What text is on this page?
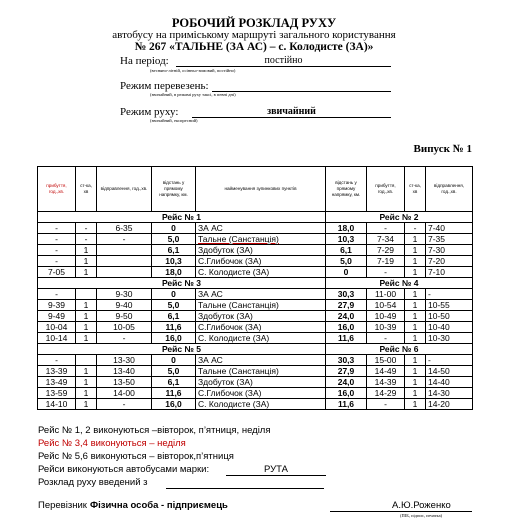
РОБОЧИЙ РОЗКЛАД РУХУ
автобусу на приміському маршруті загального користування
№ 267 «ТАЛЬНЕ (ЗА АС) – с. Колодисте (ЗА)»
На період:	постійно
(весняно-літній, осінньо-зимовий, постійно)
Режим перевезень:
(звичайний, в режимі руху таксі, в певні дні)
Режим руху:	звичайний
(звичайний, експресний)
Випуск № 1
прибуття, год.,хв.	ст-ка, хв	відправлення, год.,хв.	відстань у прямому напрямку, км.	найменування зупинкових пунктів	відстань у прямому напрямку, км.	прибуття, год.,хв.	ст-ка, хв	відправлення, год.,хв.
Рейс № 1					Рейс № 2			
-	-	6-35	0	ЗА АС	18,0	-	-	7-40
-	-	-	5,0	Тальне (Санстанція)	10,3	7-34	1	7-35
-	1		6,1	Здобуток (ЗА)	6,1	7-29	1	7-30
-	1		10,3	С.Глибочок (ЗА)	5,0	7-19	1	7-20
7-05	1		18,0	С. Колодисте (ЗА)	0	-	1	7-10
Рейс № 3					Рейс № 4			
-		9-30	0	ЗА АС	30,3	11-00	1	-
9-39	1	9-40	5,0	Тальне (Санстанція)	27,9	10-54	1	10-55
9-49	1	9-50	6,1	Здобуток (ЗА)	24,0	10-49	1	10-50
10-04	1	10-05	11,6	С.Глибочок (ЗА)	16,0	10-39	1	10-40
10-14	1	-	16,0	С. Колодисте (ЗА)	11,6	-	1	10-30
Рейс № 5					Рейс № 6			
-		13-30	0	ЗА АС	30,3	15-00	1	-
13-39	1	13-40	5,0	Тальне (Санстанція)	27,9	14-49	1	14-50
13-49	1	13-50	6,1	Здобуток (ЗА)	24,0	14-39	1	14-40
13-59	1	14-00	11,6	С.Глибочок (ЗА)	16,0	14-29	1	14-30
14-10	1	-	16,0	С. Колодисте (ЗА)	11,6	-	1	14-20
Рейс № 1, 2 виконуються –вівторок, п’ятниця, неділя
Рейс № 3,4 виконуються – неділя
Рейс № 5,6 виконуються – вівторок,п’ятниця
Рейси виконуються автобусами марки:	РУТА
Розклад руху введений з
Перевізник Фізична особа - підприємець	А.Ю.Роженко
(ПІБ, підпис, печатка)
